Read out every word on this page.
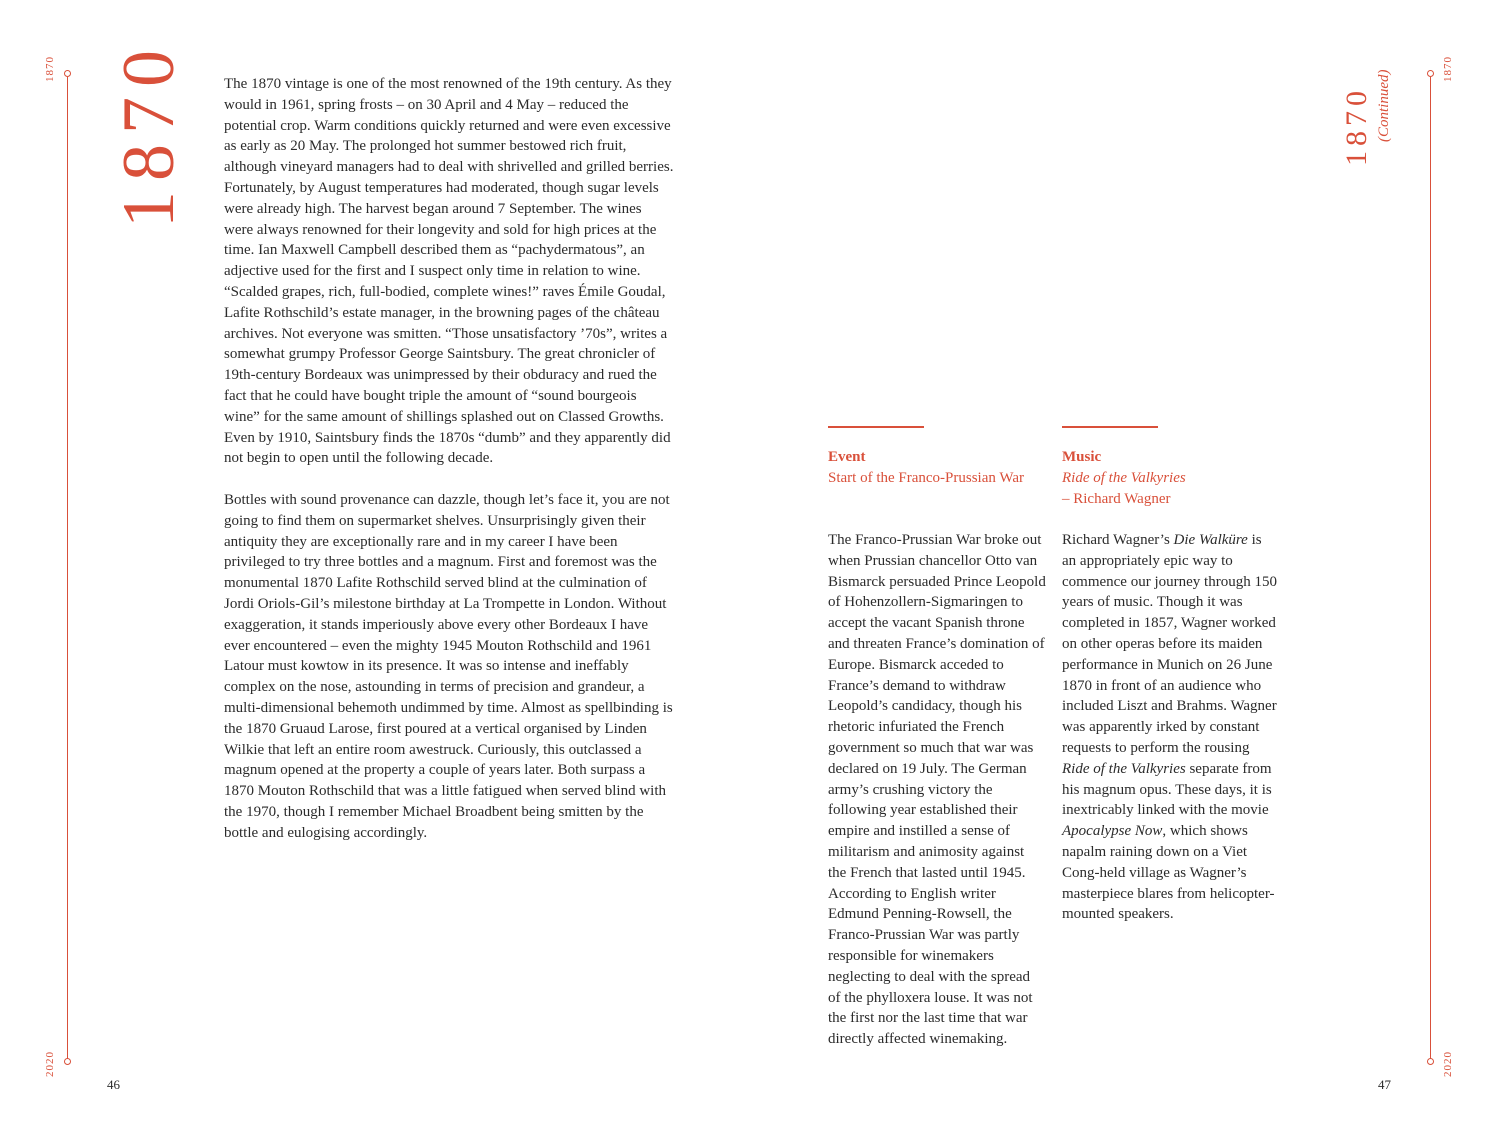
1870
2020
1870 The 1870 vintage is one of the most renowned of the 19th century. As they would in 1961, spring frosts – on 30 April and 4 May – reduced the potential crop. Warm conditions quickly returned and were even excessive as early as 20 May. The prolonged hot summer bestowed rich fruit, although vineyard managers had to deal with shrivelled and grilled berries. Fortunately, by August temperatures had moderated, though sugar levels were already high. The harvest began around 7 September. The wines were always renowned for their longevity and sold for high prices at the time. Ian Maxwell Campbell described them as “pachydermatous”, an adjective used for the first and I suspect only time in relation to wine. “Scalded grapes, rich, full-bodied, complete wines!” raves Émile Goudal, Lafite Rothschild’s estate manager, in the browning pages of the château archives. Not everyone was smitten. “Those unsatisfactory ’70s”, writes a somewhat grumpy Professor George Saintsbury. The great chronicler of 19th-century Bordeaux was unimpressed by their obduracy and rued the fact that he could have bought triple the amount of “sound bourgeois wine” for the same amount of shillings splashed out on Classed Growths. Even by 1910, Saintsbury finds the 1870s “dumb” and they apparently did not begin to open until the following decade.

Bottles with sound provenance can dazzle, though let’s face it, you are not going to find them on supermarket shelves. Unsurprisingly given their antiquity they are exceptionally rare and in my career I have been privileged to try three bottles and a magnum. First and foremost was the monumental 1870 Lafite Rothschild served blind at the culmination of Jordi Oriols-Gil’s milestone birthday at La Trompette in London. Without exaggeration, it stands imperiously above every other Bordeaux I have ever encountered – even the mighty 1945 Mouton Rothschild and 1961 Latour must kowtow in its presence. It was so intense and ineffably complex on the nose, astounding in terms of precision and grandeur, a multi-dimensional behemoth undimmed by time. Almost as spellbinding is the 1870 Gruaud Larose, first poured at a vertical organised by Linden Wilkie that left an entire room awestruck. Curiously, this outclassed a magnum opened at the property a couple of years later. Both surpass a 1870 Mouton Rothschild that was a little fatigued when served blind with the 1970, though I remember Michael Broadbent being smitten by the bottle and eulogising accordingly.

46
1870 (Continued)
1870
2020
Event
Start of the Franco-Prussian War

The Franco-Prussian War broke out when Prussian chancellor Otto van Bismarck persuaded Prince Leopold of Hohenzollern-Sigmaringen to accept the vacant Spanish throne and threaten France’s domination of Europe. Bismarck acceded to France’s demand to withdraw Leopold’s candidacy, though his rhetoric infuriated the French government so much that war was declared on 19 July. The German army’s crushing victory the following year established their empire and instilled a sense of militarism and animosity against the French that lasted until 1945. According to English writer Edmund Penning-Rowsell, the Franco-Prussian War was partly responsible for winemakers neglecting to deal with the spread of the phylloxera louse. It was not the first nor the last time that war directly affected winemaking.

Music
Ride of the Valkyries
– Richard Wagner

Richard Wagner’s Die Walküre is an appropriately epic way to commence our journey through 150 years of music. Though it was completed in 1857, Wagner worked on other operas before its maiden performance in Munich on 26 June 1870 in front of an audience who included Liszt and Brahms. Wagner was apparently irked by constant requests to perform the rousing Ride of the Valkyries separate from his magnum opus. These days, it is inextricably linked with the movie Apocalypse Now, which shows napalm raining down on a Viet Cong-held village as Wagner’s masterpiece blares from helicopter-mounted speakers.

47
